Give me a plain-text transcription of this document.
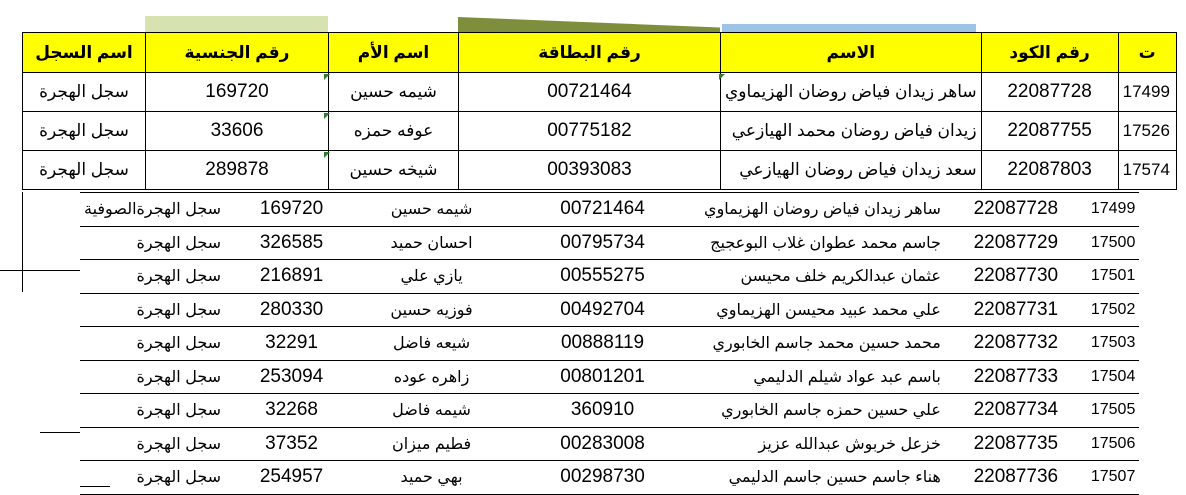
ت	رقم الكود	الاسم	رقم البطاقة	اسم الأم	رقم الجنسية	اسم السجل
17499	22087728	ساهر زيدان فياض روضان الهزيماوي	00721464	شيمه حسين	169720	سجل الهجرة
17526	22087755	زيدان فياض روضان محمد الهيازعي	00775182	عوفه حمزه	33606	سجل الهجرة
17574	22087803	سعد زيدان فياض روضان الهيازعي	00393083	شيخه حسين	289878	سجل الهجرة
17499	22087728	ساهر زيدان فياض روضان الهزيماوي	00721464	شيمه حسين	169720	سجل الهجرةالصوفية
17500	22087729	جاسم محمد عطوان غلاب البوعجيج	00795734	احسان حميد	326585	سجل الهجرة
17501	22087730	عثمان عبدالكريم خلف محيسن	00555275	يازي علي	216891	سجل الهجرة
17502	22087731	علي محمد عبيد محيسن الهزيماوي	00492704	فوزيه حسين	280330	سجل الهجرة
17503	22087732	محمد حسين محمد جاسم الخابوري	00888119	شيعه فاضل	32291	سجل الهجرة
17504	22087733	باسم عبد عواد شيلم الدليمي	00801201	زاهره عوده	253094	سجل الهجرة
17505	22087734	علي حسين حمزه جاسم الخابوري	360910	شيمه فاضل	32268	سجل الهجرة
17506	22087735	خزعل خربوش عبدالله عزيز	00283008	فطيم ميزان	37352	سجل الهجرة
17507	22087736	هناء جاسم حسين جاسم الدليمي	00298730	بهي حميد	254957	سجل الهجرة
